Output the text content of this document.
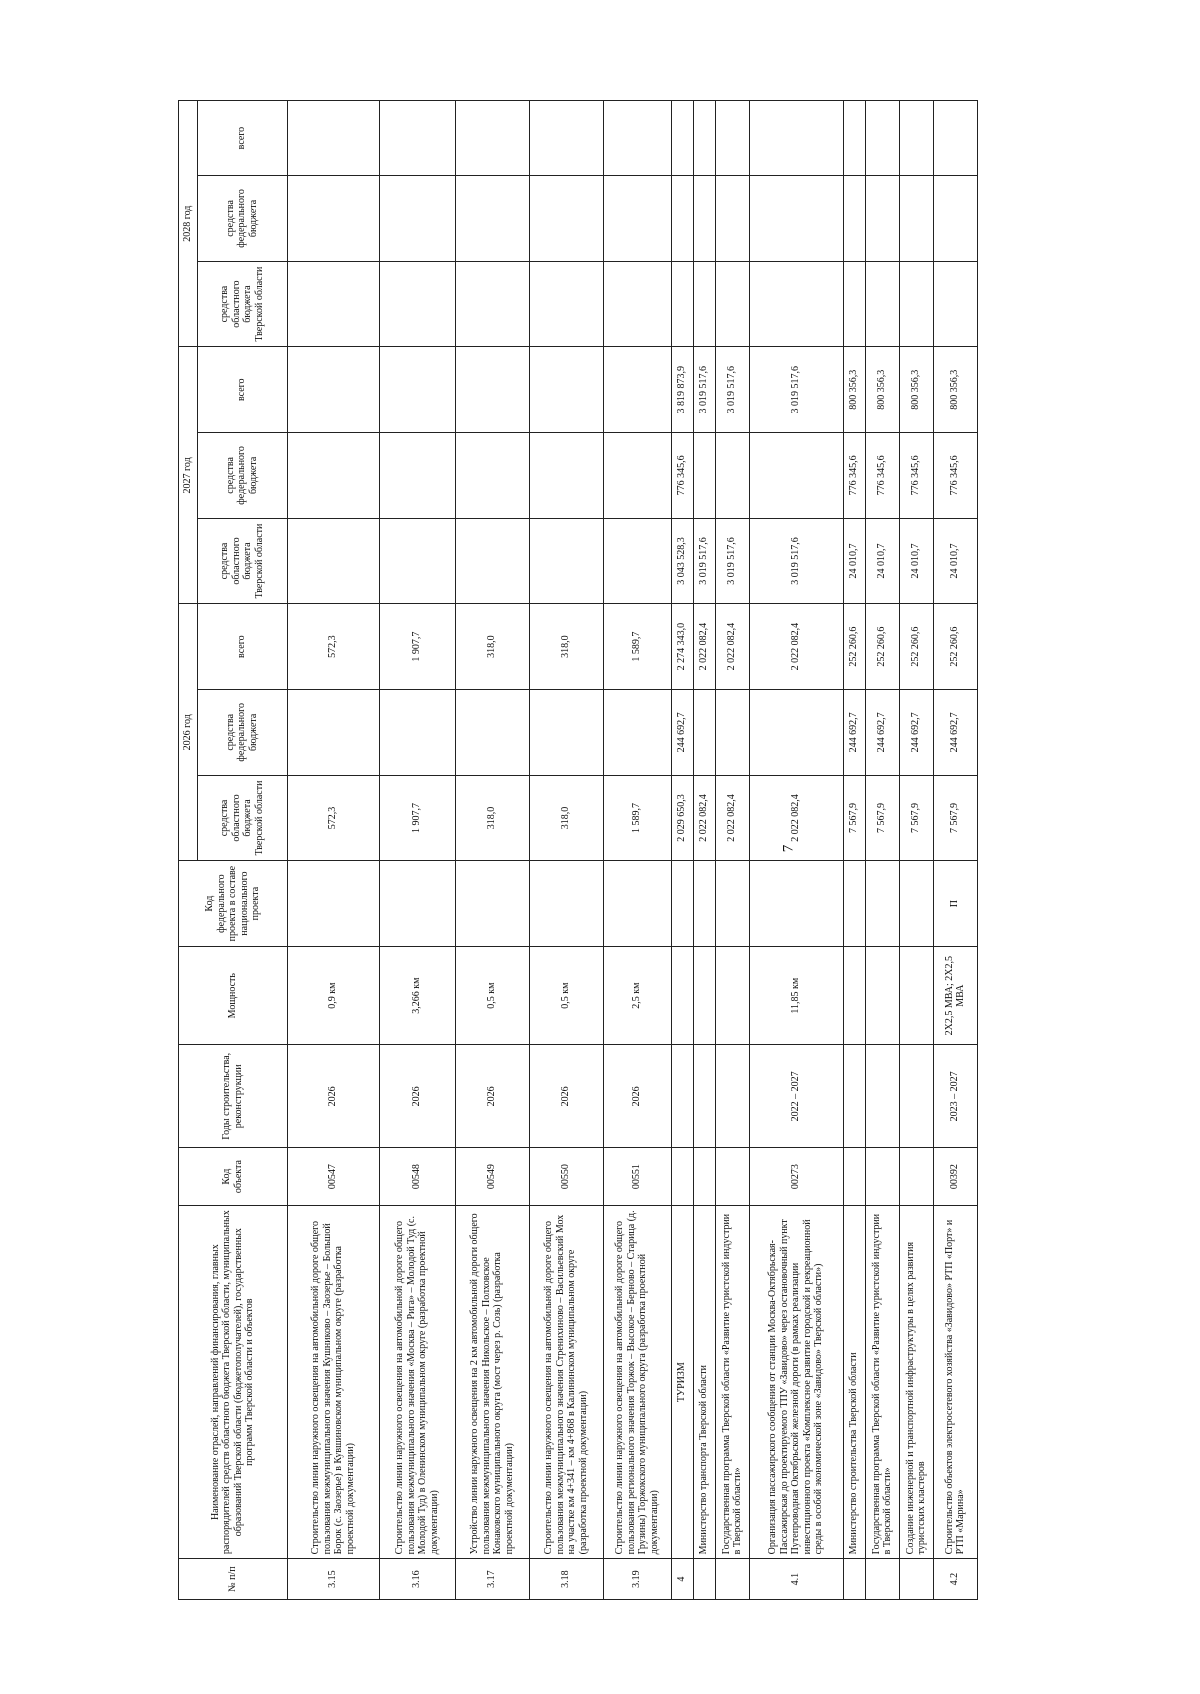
7
№ п/п	Наименование отраслей, направлений финансирования, главных распорядителей средств областного бюджета Тверской области, муниципальных образований Тверской области (бюджетополучателей), государственных программ Тверской области и объектов	Код объекта	Годы строительства, реконструкции	Мощность	Код федерального проекта в составе национального проекта	2026 год			2027 год			2028 год		
						средства областного бюджета Тверской области	средства федерального бюджета	всего	средства областного бюджета Тверской области	средства федерального бюджета	всего	средства областного бюджета Тверской области	средства федерального бюджета	всего
3.15	Строительство линии наружного освещения на автомобильной дороге общего пользования межмуниципального значения Кушниково – Заозерье – Большой Борок (с. Заозерье) в Кувшиновском муниципальном округе (разработка проектной документации)	00547	2026	0,9 км		572,3		572,3						
3.16	Строительство линии наружного освещения на автомобильной дороге общего пользования межмуниципального значения «Москва – Рига» – Молодой Туд (с. Молодой Туд) в Оленинском муниципальном округе (разработка проектной документации)	00548	2026	3,266 км		1 907,7		1 907,7						
3.17	Устройство линии наружного освещения на 2 км автомобильной дороги общего пользования межмуниципального значения Никольское – Полховское Конаковского муниципального округа (мост через р. Созь) (разработка проектной документации)	00549	2026	0,5 км		318,0		318,0						
3.18	Строительство линии наружного освещения на автомобильной дороге общего пользования межмуниципального значения Стренихиново – Васильевский Мох на участке км 4+341 – км 4+868 в Калининском муниципальном округе (разработка проектной документации)	00550	2026	0,5 км		318,0		318,0						
3.19	Строительство линии наружного освещения на автомобильной дороге общего пользования регионального значения Торжок – Высокое – Берново – Старица (д. Грузины) Торжокского муниципального округа (разработка проектной документации)	00551	2026	2,5 км		1 589,7		1 589,7						
4	ТУРИЗМ					2 029 650,3	244 692,7	2 274 343,0	3 043 528,3	776 345,6	3 819 873,9			
	Министерство транспорта Тверской области					2 022 082,4		2 022 082,4	3 019 517,6		3 019 517,6			
	Государственная программа Тверской области «Развитие туристской индустрии в Тверской области»					2 022 082,4		2 022 082,4	3 019 517,6		3 019 517,6			
4.1	Организация пассажирского сообщения от станции Москва-Октябрьская-Пассажирская до проектируемого ТПУ «Завидово» через остановочный пункт Путепроводная Октябрьской железной дороги (в рамках реализации инвестиционного проекта «Комплексное развитие городской и рекреационной среды в особой экономической зоне «Завидово» Тверской области»)	00273	2022 – 2027	11,85 км		2 022 082,4		2 022 082,4	3 019 517,6		3 019 517,6			
	Министерство строительства Тверской области					7 567,9	244 692,7	252 260,6	24 010,7	776 345,6	800 356,3			
	Государственная программа Тверской области «Развитие туристской индустрии в Тверской области»					7 567,9	244 692,7	252 260,6	24 010,7	776 345,6	800 356,3			
	Создание инженерной и транспортной инфраструктуры в целях развития туристских кластеров					7 567,9	244 692,7	252 260,6	24 010,7	776 345,6	800 356,3			
4.2	Строительство объектов электросетевого хозяйства «Завидово» РТП «Порт» и РТП «Марина»	00392	2023 – 2027	2Х2,5 МВА; 2Х2,5 МВА	П	7 567,9	244 692,7	252 260,6	24 010,7	776 345,6	800 356,3			
